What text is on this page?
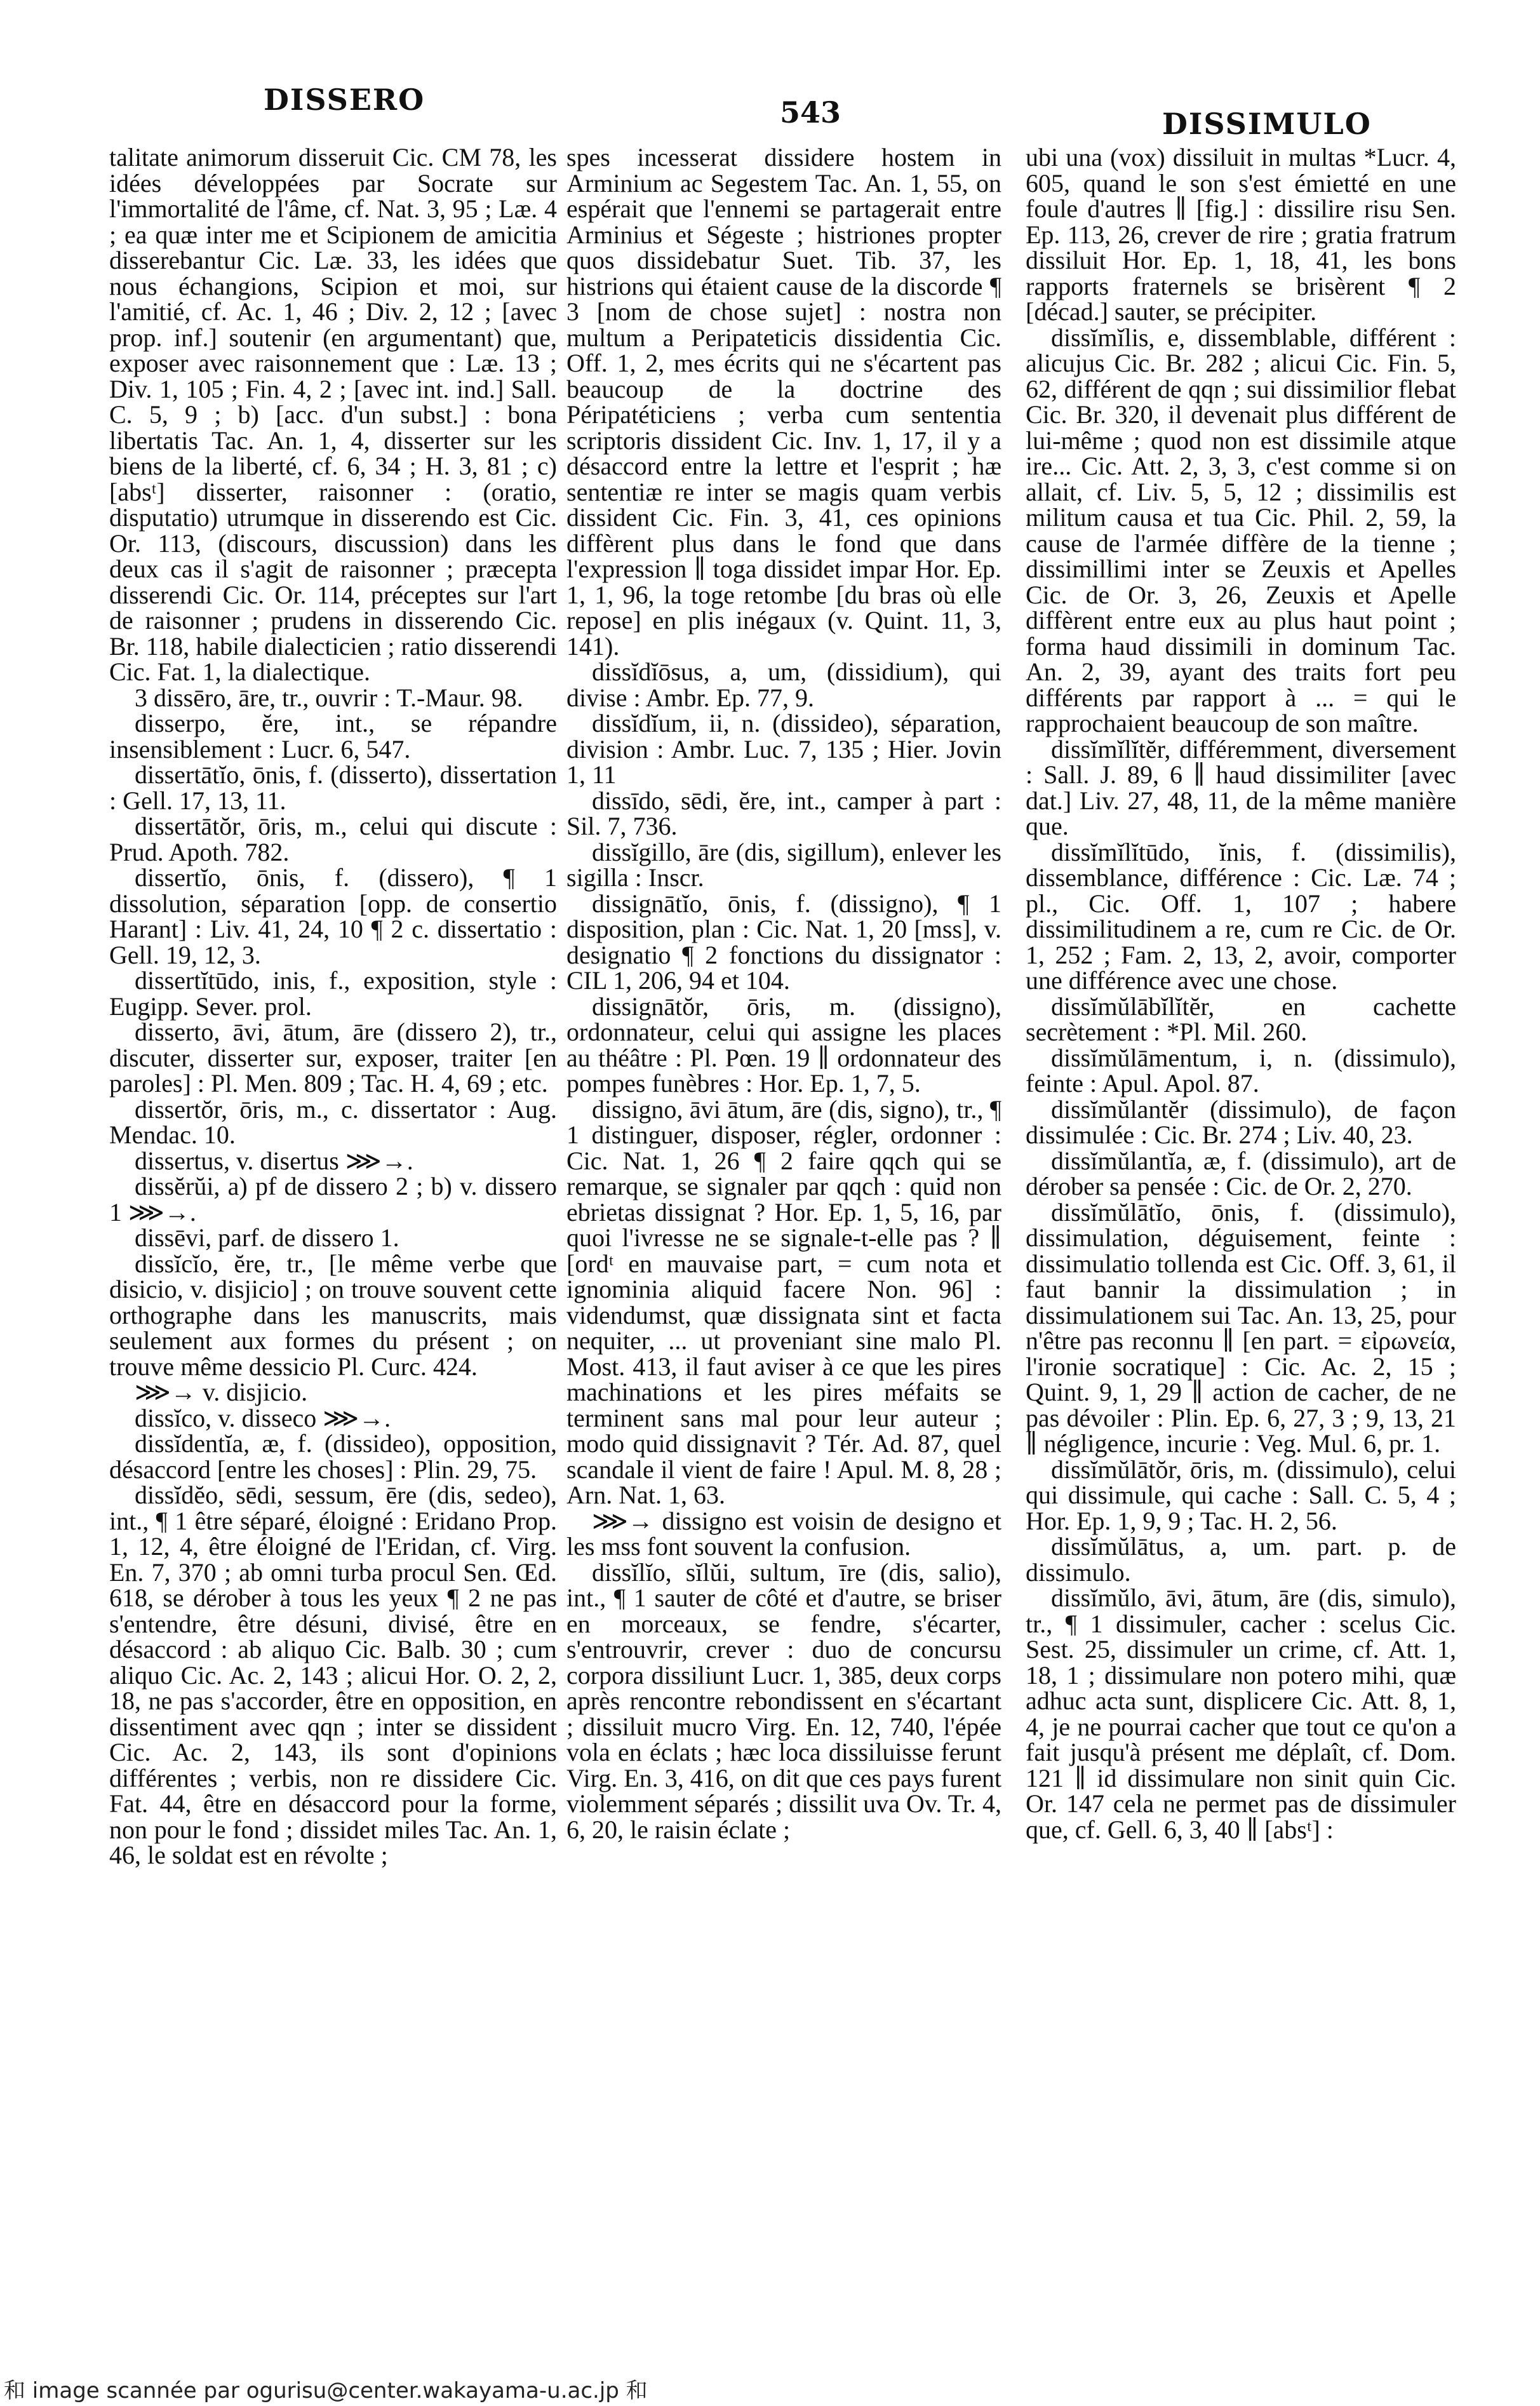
DISSERO	543	DISSIMULO

talitate animorum disseruit Cic. CM 78, les idées développées par Socrate sur l'immortalité de l'âme, cf. Nat. 3, 95 ; Læ. 4 ; ea quæ inter me et Scipionem de amicitia disserebantur Cic. Læ. 33, les idées que nous échangions, Scipion et moi, sur l'amitié, cf. Ac. 1, 46 ; Div. 2, 12 ; [avec prop. inf.] soutenir (en argumentant) que, exposer avec raisonnement que : Læ. 13 ; Div. 1, 105 ; Fin. 4, 2 ; [avec int. ind.] Sall. C. 5, 9 ; b) [acc. d'un subst.] : bona libertatis Tac. An. 1, 4, disserter sur les biens de la liberté, cf. 6, 34 ; H. 3, 81 ; c) [absᵗ] disserter, raisonner : (oratio, disputatio) utrumque in disserendo est Cic. Or. 113, (discours, discussion) dans les deux cas il s'agit de raisonner ; præcepta disserendi Cic. Or. 114, préceptes sur l'art de raisonner ; prudens in disserendo Cic. Br. 118, habile dialecticien ; ratio disserendi Cic. Fat. 1, la dialectique.

3 dissēro, āre, tr., ouvrir : T.-Maur. 98.

disserpo, ĕre, int., se répandre insensiblement : Lucr. 6, 547.

dissertātĭo, ōnis, f. (disserto), dissertation : Gell. 17, 13, 11.

dissertātŏr, ōris, m., celui qui discute : Prud. Apoth. 782.

dissertĭo, ōnis, f. (dissero), ¶ 1 dissolution, séparation [opp. de consertio Harant] : Liv. 41, 24, 10 ¶ 2 c. dissertatio : Gell. 19, 12, 3.

dissertĭtūdo, inis, f., exposition, style : Eugipp. Sever. prol.

disserto, āvi, ātum, āre (dissero 2), tr., discuter, disserter sur, exposer, traiter [en paroles] : Pl. Men. 809 ; Tac. H. 4, 69 ; etc.

dissertŏr, ōris, m., c. dissertator : Aug. Mendac. 10.

dissertus, v. disertus ⋙→.

dissĕrŭi, a) pf de dissero 2 ; b) v. dissero 1 ⋙→.

dissēvi, parf. de dissero 1.

dissĭcĭo, ĕre, tr., [le même verbe que disicio, v. disjicio] ; on trouve souvent cette orthographe dans les manuscrits, mais seulement aux formes du présent ; on trouve même dessicio Pl. Curc. 424.

⋙→ v. disjicio.

dissĭco, v. disseco ⋙→.

dissĭdentĭa, æ, f. (dissideo), opposition, désaccord [entre les choses] : Plin. 29, 75.

dissĭdĕo, sēdi, sessum, ēre (dis, sedeo), int., ¶ 1 être séparé, éloigné : Eridano Prop. 1, 12, 4, être éloigné de l'Eridan, cf. Virg. En. 7, 370 ; ab omni turba procul Sen. Œd. 618, se dérober à tous les yeux ¶ 2 ne pas s'entendre, être désuni, divisé, être en désaccord : ab aliquo Cic. Balb. 30 ; cum aliquo Cic. Ac. 2, 143 ; alicui Hor. O. 2, 2, 18, ne pas s'accorder, être en opposition, en dissentiment avec qqn ; inter se dissident Cic. Ac. 2, 143, ils sont d'opinions différentes ; verbis, non re dissidere Cic. Fat. 44, être en désaccord pour la forme, non pour le fond ; dissidet miles Tac. An. 1, 46, le soldat est en révolte ;

spes incesserat dissidere hostem in Arminium ac Segestem Tac. An. 1, 55, on espérait que l'ennemi se partagerait entre Arminius et Ségeste ; histriones propter quos dissidebatur Suet. Tib. 37, les histrions qui étaient cause de la discorde ¶ 3 [nom de chose sujet] : nostra non multum a Peripateticis dissidentia Cic. Off. 1, 2, mes écrits qui ne s'écartent pas beaucoup de la doctrine des Péripatéticiens ; verba cum sententia scriptoris dissident Cic. Inv. 1, 17, il y a désaccord entre la lettre et l'esprit ; hæ sententiæ re inter se magis quam verbis dissident Cic. Fin. 3, 41, ces opinions diffèrent plus dans le fond que dans l'expression ∥ toga dissidet impar Hor. Ep. 1, 1, 96, la toge retombe [du bras où elle repose] en plis inégaux (v. Quint. 11, 3, 141).

dissĭdĭōsus, a, um, (dissidium), qui divise : Ambr. Ep. 77, 9.

dissĭdĭum, ii, n. (dissideo), séparation, division : Ambr. Luc. 7, 135 ; Hier. Jovin 1, 11

dissīdo, sēdi, ĕre, int., camper à part : Sil. 7, 736.

dissĭgillo, āre (dis, sigillum), enlever les sigilla : Inscr.

dissignātĭo, ōnis, f. (dissigno), ¶ 1 disposition, plan : Cic. Nat. 1, 20 [mss], v. designatio ¶ 2 fonctions du dissignator : CIL 1, 206, 94 et 104.

dissignātŏr, ōris, m. (dissigno), ordonnateur, celui qui assigne les places au théâtre : Pl. Pœn. 19 ∥ ordonnateur des pompes funèbres : Hor. Ep. 1, 7, 5.

dissigno, āvi ātum, āre (dis, signo), tr., ¶ 1 distinguer, disposer, régler, ordonner : Cic. Nat. 1, 26 ¶ 2 faire qqch qui se remarque, se signaler par qqch : quid non ebrietas dissignat ? Hor. Ep. 1, 5, 16, par quoi l'ivresse ne se signale-t-elle pas ? ∥ [ordᵗ en mauvaise part, = cum nota et ignominia aliquid facere Non. 96] : videndumst, quæ dissignata sint et facta nequiter, ... ut proveniant sine malo Pl. Most. 413, il faut aviser à ce que les pires machinations et les pires méfaits se terminent sans mal pour leur auteur ; modo quid dissignavit ? Tér. Ad. 87, quel scandale il vient de faire ! Apul. M. 8, 28 ; Arn. Nat. 1, 63.

⋙→ dissigno est voisin de designo et les mss font souvent la confusion.

dissĭlĭo, sĭlŭi, sultum, īre (dis, salio), int., ¶ 1 sauter de côté et d'autre, se briser en morceaux, se fendre, s'écarter, s'entrouvrir, crever : duo de concursu corpora dissiliunt Lucr. 1, 385, deux corps après rencontre rebondissent en s'écartant ; dissiluit mucro Virg. En. 12, 740, l'épée vola en éclats ; hæc loca dissiluisse ferunt Virg. En. 3, 416, on dit que ces pays furent violemment séparés ; dissilit uva Ov. Tr. 4, 6, 20, le raisin éclate ;

ubi una (vox) dissiluit in multas *Lucr. 4, 605, quand le son s'est émietté en une foule d'autres ∥ [fig.] : dissilire risu Sen. Ep. 113, 26, crever de rire ; gratia fratrum dissiluit Hor. Ep. 1, 18, 41, les bons rapports fraternels se brisèrent ¶ 2 [décad.] sauter, se précipiter.

dissĭmĭlis, e, dissemblable, différent : alicujus Cic. Br. 282 ; alicui Cic. Fin. 5, 62, différent de qqn ; sui dissimilior flebat Cic. Br. 320, il devenait plus différent de lui-même ; quod non est dissimile atque ire... Cic. Att. 2, 3, 3, c'est comme si on allait, cf. Liv. 5, 5, 12 ; dissimilis est militum causa et tua Cic. Phil. 2, 59, la cause de l'armée diffère de la tienne ; dissimillimi inter se Zeuxis et Apelles Cic. de Or. 3, 26, Zeuxis et Apelle diffèrent entre eux au plus haut point ; forma haud dissimili in dominum Tac. An. 2, 39, ayant des traits fort peu différents par rapport à ... = qui le rapprochaient beaucoup de son maître.

dissĭmĭlĭtĕr, différemment, diversement : Sall. J. 89, 6 ∥ haud dissimiliter [avec dat.] Liv. 27, 48, 11, de la même manière que.

dissĭmĭlĭtūdo, ĭnis, f. (dissimilis), dissemblance, différence : Cic. Læ. 74 ; pl., Cic. Off. 1, 107 ; habere dissimilitudinem a re, cum re Cic. de Or. 1, 252 ; Fam. 2, 13, 2, avoir, comporter une différence avec une chose.

dissĭmŭlābĭlĭtĕr, en cachette secrètement : *Pl. Mil. 260.

dissĭmŭlāmentum, i, n. (dissimulo), feinte : Apul. Apol. 87.

dissĭmŭlantĕr (dissimulo), de façon dissimulée : Cic. Br. 274 ; Liv. 40, 23.

dissĭmŭlantĭa, æ, f. (dissimulo), art de dérober sa pensée : Cic. de Or. 2, 270.

dissĭmŭlātĭo, ōnis, f. (dissimulo), dissimulation, déguisement, feinte : dissimulatio tollenda est Cic. Off. 3, 61, il faut bannir la dissimulation ; in dissimulationem sui Tac. An. 13, 25, pour n'être pas reconnu ∥ [en part. = εἰρωνεία, l'ironie socratique] : Cic. Ac. 2, 15 ; Quint. 9, 1, 29 ∥ action de cacher, de ne pas dévoiler : Plin. Ep. 6, 27, 3 ; 9, 13, 21 ∥ négligence, incurie : Veg. Mul. 6, pr. 1.

dissĭmŭlātŏr, ōris, m. (dissimulo), celui qui dissimule, qui cache : Sall. C. 5, 4 ; Hor. Ep. 1, 9, 9 ; Tac. H. 2, 56.

dissĭmŭlātus, a, um. part. p. de dissimulo.

dissĭmŭlo, āvi, ātum, āre (dis, simulo), tr., ¶ 1 dissimuler, cacher : scelus Cic. Sest. 25, dissimuler un crime, cf. Att. 1, 18, 1 ; dissimulare non potero mihi, quæ adhuc acta sunt, displicere Cic. Att. 8, 1, 4, je ne pourrai cacher que tout ce qu'on a fait jusqu'à présent me déplaît, cf. Dom. 121 ∥ id dissimulare non sinit quin Cic. Or. 147 cela ne permet pas de dissimuler que, cf. Gell. 6, 3, 40 ∥ [absᵗ] :

和 image scannée par ogurisu@center.wakayama-u.ac.jp 和
